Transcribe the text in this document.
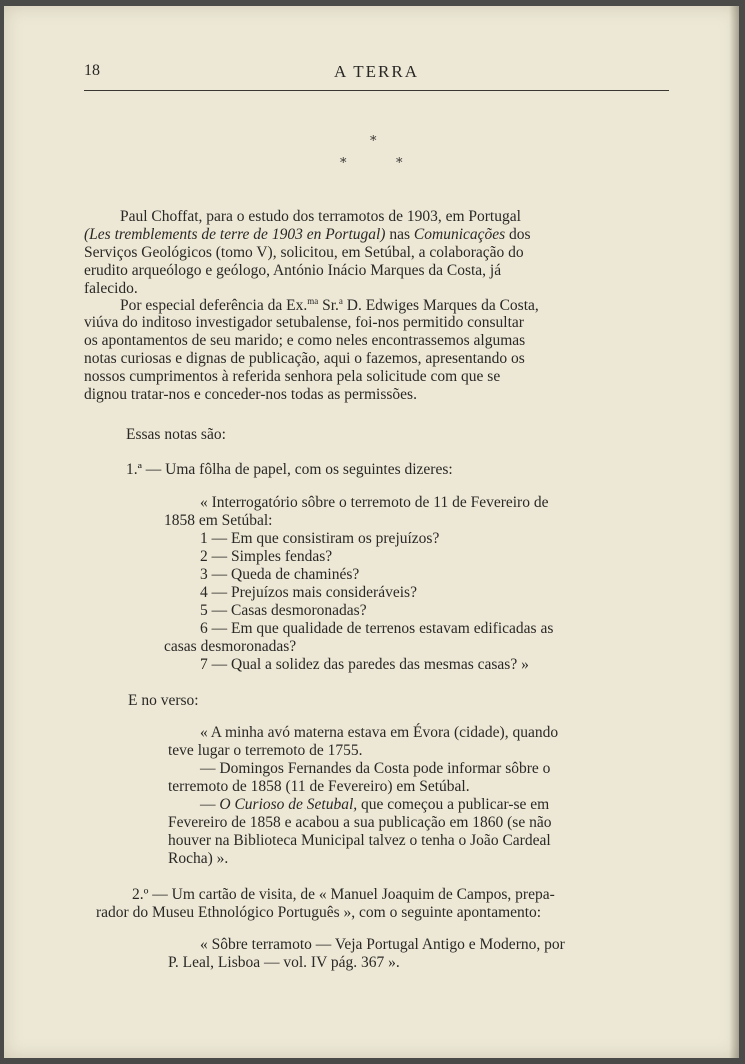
18	A TERRA
*
*	*
Paul Choffat, para o estudo dos terramotos de 1903, em Portugal
(Les tremblements de terre de 1903 en Portugal) nas Comunicações dos
Serviços Geológicos (tomo V), solicitou, em Setúbal, a colaboração do
erudito arqueólogo e geólogo, António Inácio Marques da Costa, já
falecido.
Por especial deferência da Ex.$^{ma}$ Sr.$^a$ D. Edwiges Marques da Costa,
viúva do inditoso investigador setubalense, foi-nos permitido consultar
os apontamentos de seu marido; e como neles encontrassemos algumas
notas curiosas e dignas de publicação, aqui o fazemos, apresentando os
nossos cumprimentos à referida senhora pela solicitude com que se
dignou tratar-nos e conceder-nos todas as permissões.
Essas notas são:
1.ª — Uma fôlha de papel, com os seguintes dizeres:
« Interrogatório sôbre o terremoto de 11 de Fevereiro de
1858 em Setúbal:
1 — Em que consistiram os prejuízos?
2 — Simples fendas?
3 — Queda de chaminés?
4 — Prejuízos mais consideráveis?
5 — Casas desmoronadas?
6 — Em que qualidade de terrenos estavam edificadas as
casas desmoronadas?
7 — Qual a solidez das paredes das mesmas casas? »
E no verso:
« A minha avó materna estava em Évora (cidade), quando
teve lugar o terremoto de 1755.
— Domingos Fernandes da Costa pode informar sôbre o
terremoto de 1858 (11 de Fevereiro) em Setúbal.
— O Curioso de Setubal, que começou a publicar-se em
Fevereiro de 1858 e acabou a sua publicação em 1860 (se não
houver na Biblioteca Municipal talvez o tenha o João Cardeal
Rocha) ».
2.º — Um cartão de visita, de « Manuel Joaquim de Campos, prepa-
rador do Museu Ethnológico Português », com o seguinte apontamento:
« Sôbre terramoto — Veja Portugal Antigo e Moderno, por
P. Leal, Lisboa — vol. IV pág. 367 ».
